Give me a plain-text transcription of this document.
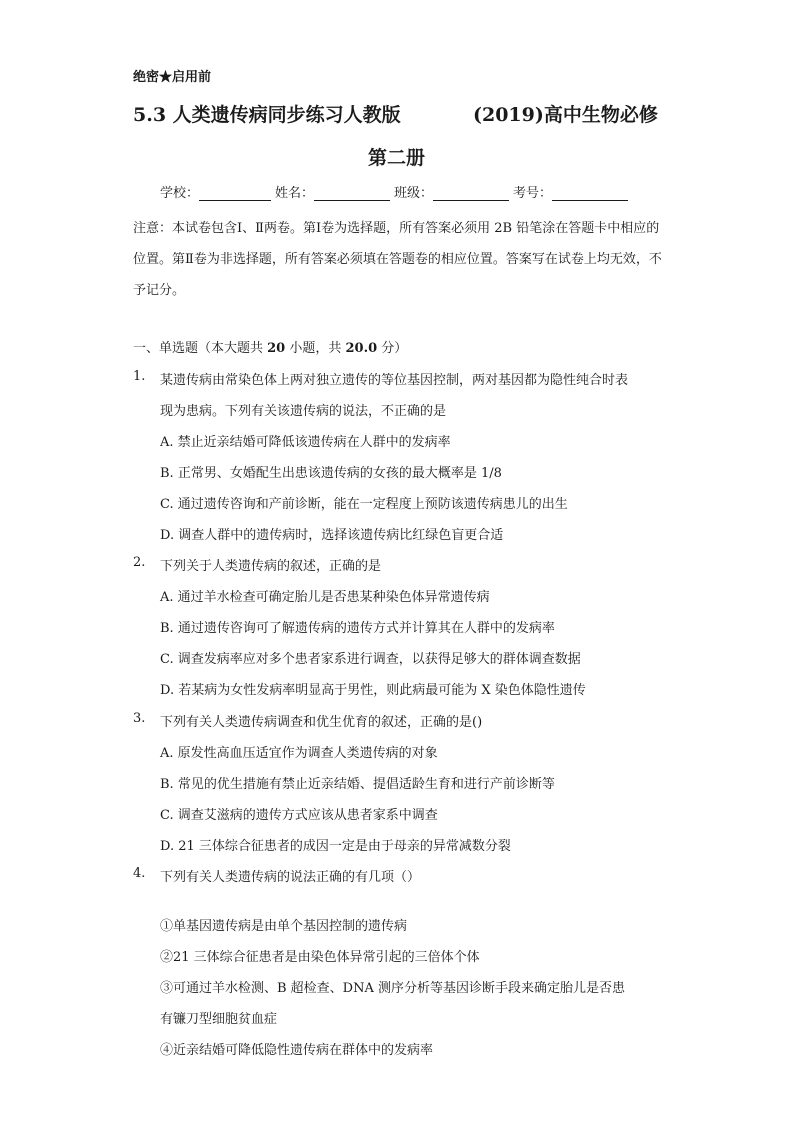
绝密★启用前
5.3 人类遗传病同步练习人教版	(2019)高中生物必修
第二册
学校：	姓名：	班级：	考号：
注意：本试卷包含Ⅰ、Ⅱ两卷。第Ⅰ卷为选择题，所有答案必须用 2B 铅笔涂在答题卡中相应的位置。第Ⅱ卷为非选择题，所有答案必须填在答题卷的相应位置。答案写在试卷上均无效，不予记分。
一、单选题（本大题共 20 小题，共 20.0 分）
1. 某遗传病由常染色体上两对独立遗传的等位基因控制，两对基因都为隐性纯合时表
现为患病。下列有关该遗传病的说法，不正确的是
A. 禁止近亲结婚可降低该遗传病在人群中的发病率
B. 正常男、女婚配生出患该遗传病的女孩的最大概率是 1/8
C. 通过遗传咨询和产前诊断，能在一定程度上预防该遗传病患儿的出生
D. 调查人群中的遗传病时，选择该遗传病比红绿色盲更合适
2. 下列关于人类遗传病的叙述，正确的是
A. 通过羊水检查可确定胎儿是否患某种染色体异常遗传病
B. 通过遗传咨询可了解遗传病的遗传方式并计算其在人群中的发病率
C. 调查发病率应对多个患者家系进行调查，以获得足够大的群体调查数据
D. 若某病为女性发病率明显高于男性，则此病最可能为 X 染色体隐性遗传
3. 下列有关人类遗传病调查和优生优育的叙述，正确的是()
A. 原发性高血压适宜作为调查人类遗传病的对象
B. 常见的优生措施有禁止近亲结婚、提倡适龄生育和进行产前诊断等
C. 调查艾滋病的遗传方式应该从患者家系中调查
D. 21 三体综合征患者的成因一定是由于母亲的异常减数分裂
4. 下列有关人类遗传病的说法正确的有几项（）
①单基因遗传病是由单个基因控制的遗传病
②21 三体综合征患者是由染色体异常引起的三倍体个体
③可通过羊水检测、B 超检查、DNA 测序分析等基因诊断手段来确定胎儿是否患
有镰刀型细胞贫血症
④近亲结婚可降低隐性遗传病在群体中的发病率
